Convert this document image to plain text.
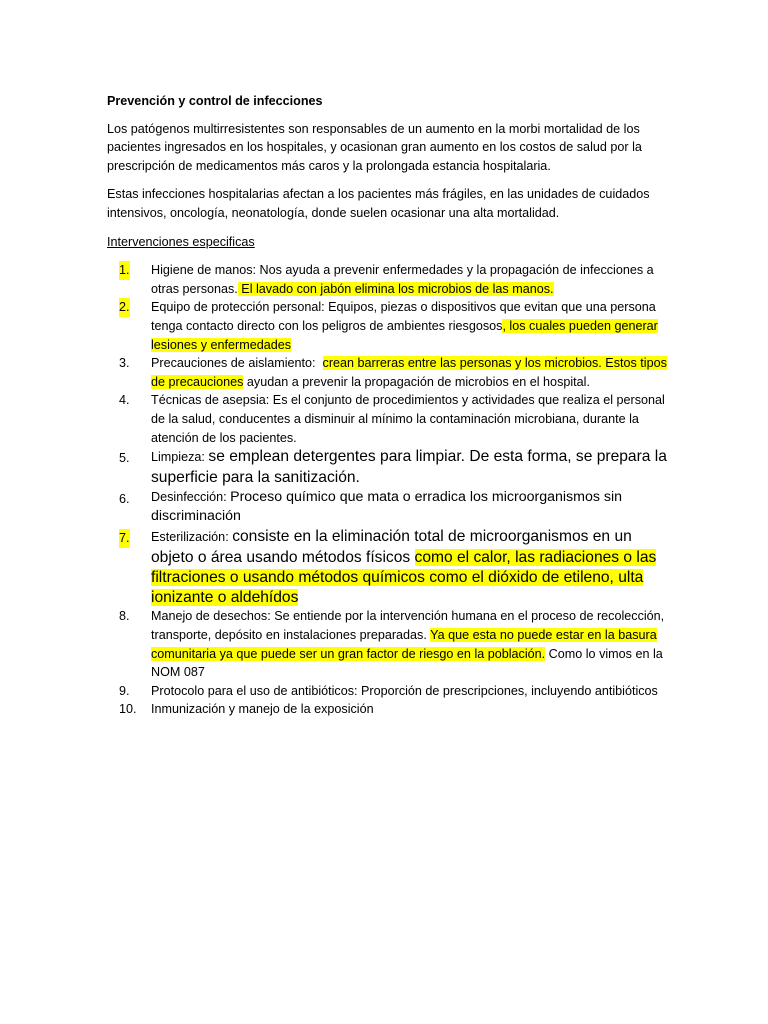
Prevención y control de infecciones

Los patógenos multirresistentes son responsables de un aumento en la morbi mortalidad de los pacientes ingresados en los hospitales, y ocasionan gran aumento en los costos de salud por la prescripción de medicamentos más caros y la prolongada estancia hospitalaria.

Estas infecciones hospitalarias afectan a los pacientes más frágiles, en las unidades de cuidados intensivos, oncología, neonatología, donde suelen ocasionar una alta mortalidad.

Intervenciones especificas
1.	Higiene de manos: Nos ayuda a prevenir enfermedades y la propagación de infecciones a otras personas. El lavado con jabón elimina los microbios de las manos.
2.	Equipo de protección personal: Equipos, piezas o dispositivos que evitan que una persona tenga contacto directo con los peligros de ambientes riesgosos, los cuales pueden generar lesiones y enfermedades
3.	Precauciones de aislamiento:  crean barreras entre las personas y los microbios. Estos tipos de precauciones ayudan a prevenir la propagación de microbios en el hospital.
4.	Técnicas de asepsia: Es el conjunto de procedimientos y actividades que realiza el personal de la salud, conducentes a disminuir al mínimo la contaminación microbiana, durante la atención de los pacientes.
5.	Limpieza: se emplean detergentes para limpiar. De esta forma, se prepara la superficie para la sanitización.
6.	Desinfección: Proceso químico que mata o erradica los microorganismos sin discriminación
7.	Esterilización: consiste en la eliminación total de microorganismos en un objeto o área usando métodos físicos como el calor, las radiaciones o las filtraciones o usando métodos químicos como el dióxido de etileno, ulta ionizante o aldehídos
8.	Manejo de desechos: Se entiende por la intervención humana en el proceso de recolección, transporte, depósito en instalaciones preparadas. Ya que esta no puede estar en la basura comunitaria ya que puede ser un gran factor de riesgo en la población. Como lo vimos en la NOM 087
9.	Protocolo para el uso de antibióticos: Proporción de prescripciones, incluyendo antibióticos
10.	Inmunización y manejo de la exposición
